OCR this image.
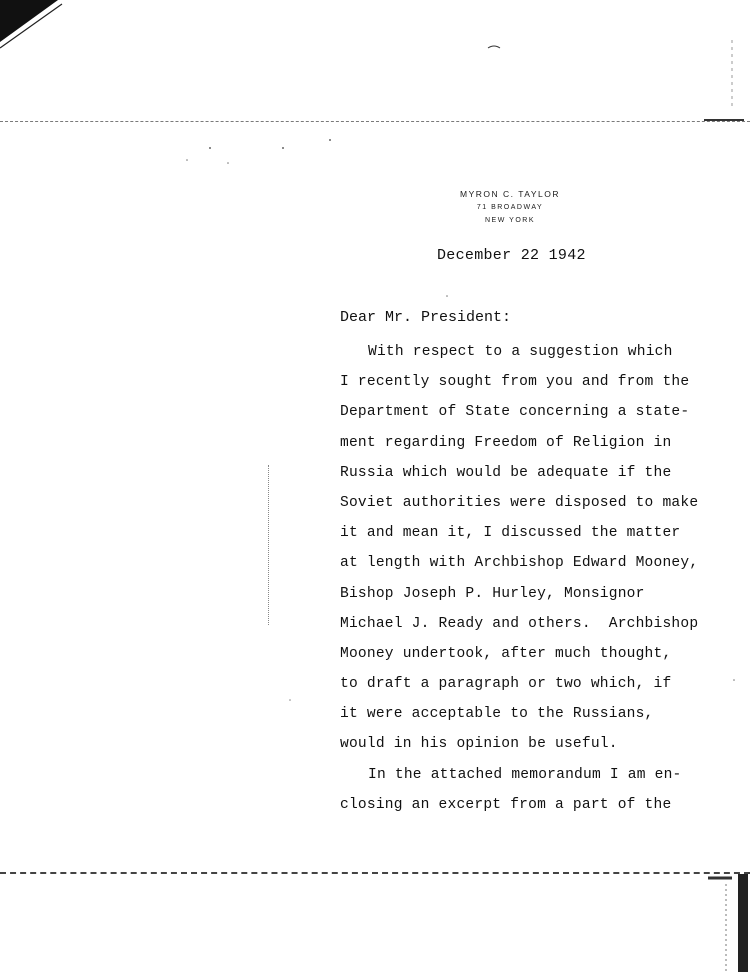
MYRON C. TAYLOR
71 BROADWAY
NEW YORK
December 22 1942
Dear Mr. President:
With respect to a suggestion which
I recently sought from you and from the
Department of State concerning a state-
ment regarding Freedom of Religion in
Russia which would be adequate if the
Soviet authorities were disposed to make
it and mean it, I discussed the matter
at length with Archbishop Edward Mooney,
Bishop Joseph P. Hurley, Monsignor
Michael J. Ready and others.  Archbishop
Mooney undertook, after much thought,
to draft a paragraph or two which, if
it were acceptable to the Russians,
would in his opinion be useful.
In the attached memorandum I am en-
closing an excerpt from a part of the
